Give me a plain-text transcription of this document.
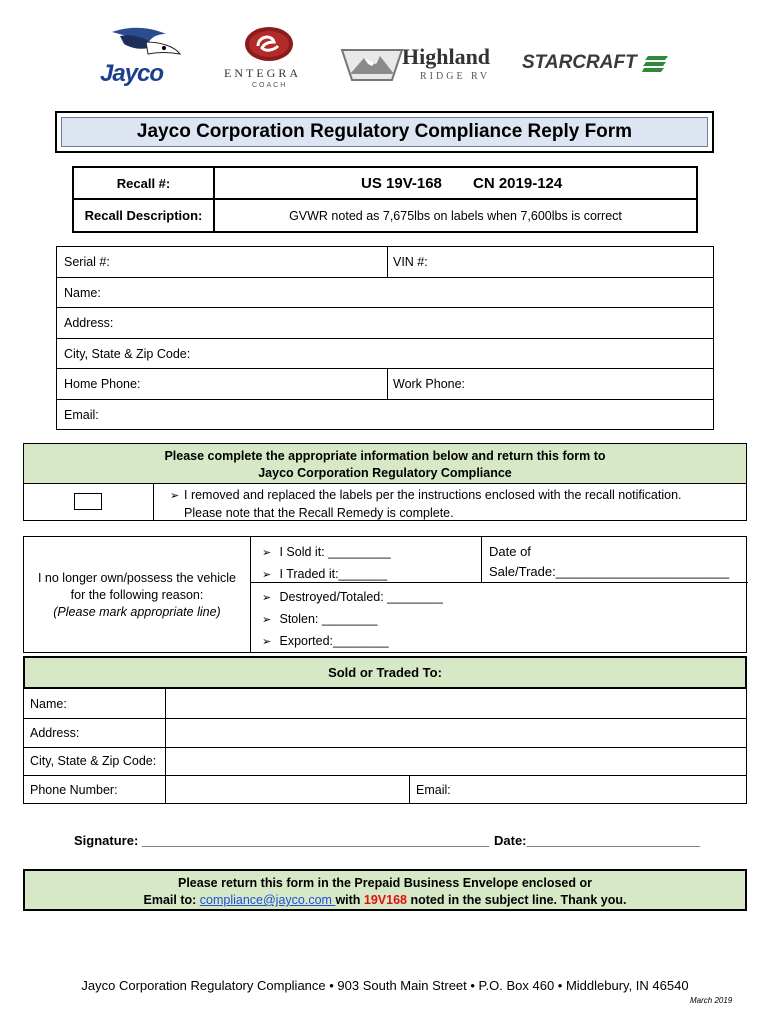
Jayco	ENTEGRA
COACH
Highland
RIDGE RV
STARCRAFT
Jayco Corporation Regulatory Compliance Reply Form
Recall #:	US 19V-168 CN 2019-124
Recall Description:	GVWR noted as 7,675lbs on labels when 7,600lbs is correct
Serial #:	VIN #:
Name:
Address:
City, State & Zip Code:
Home Phone:	Work Phone:
Email:
Please complete the appropriate information below and return this form to
Jayco Corporation Regulatory Compliance
➢ I removed and replaced the labels per the instructions enclosed with the recall notification.
Please note that the Recall Remedy is complete.
I no longer own/possess the vehicle
for the following reason:
(Please mark appropriate line)
➢ I Sold it: _________
➢ I Traded it:_______
Date of
Sale/Trade:________________________
➢ Destroyed/Totaled: ________
➢ Stolen: ________
➢ Exported:________
Sold or Traded To:
Name:
Address:
City, State & Zip Code:
Phone Number:	Email:
Signature: ________________________________________________ Date:________________________
Please return this form in the Prepaid Business Envelope enclosed or
Email to: compliance@jayco.com with 19V168 noted in the subject line. Thank you.
Jayco Corporation Regulatory Compliance • 903 South Main Street • P.O. Box 460 • Middlebury, IN 46540
March 2019
